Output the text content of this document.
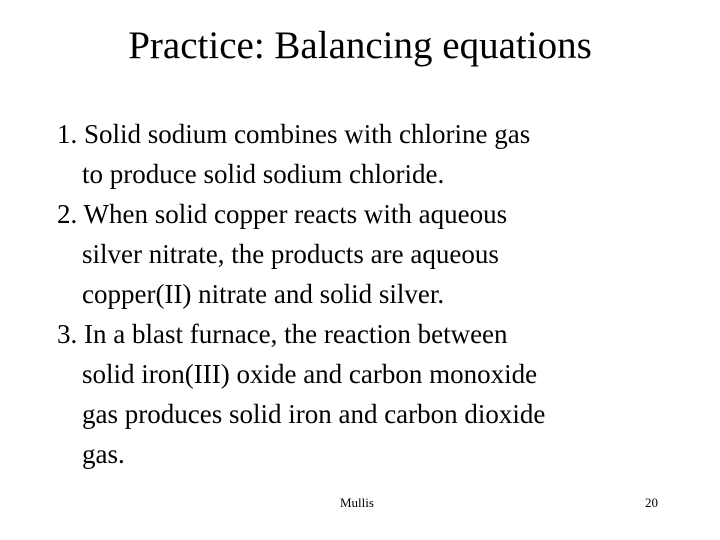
Practice: Balancing equations
1. Solid sodium combines with chlorine gas
to produce solid sodium chloride.
2. When solid copper reacts with aqueous
silver nitrate, the products are aqueous
copper(II) nitrate and solid silver.
3. In a blast furnace, the reaction between
solid iron(III) oxide and carbon monoxide
gas produces solid iron and carbon dioxide
gas.
Mullis	20
